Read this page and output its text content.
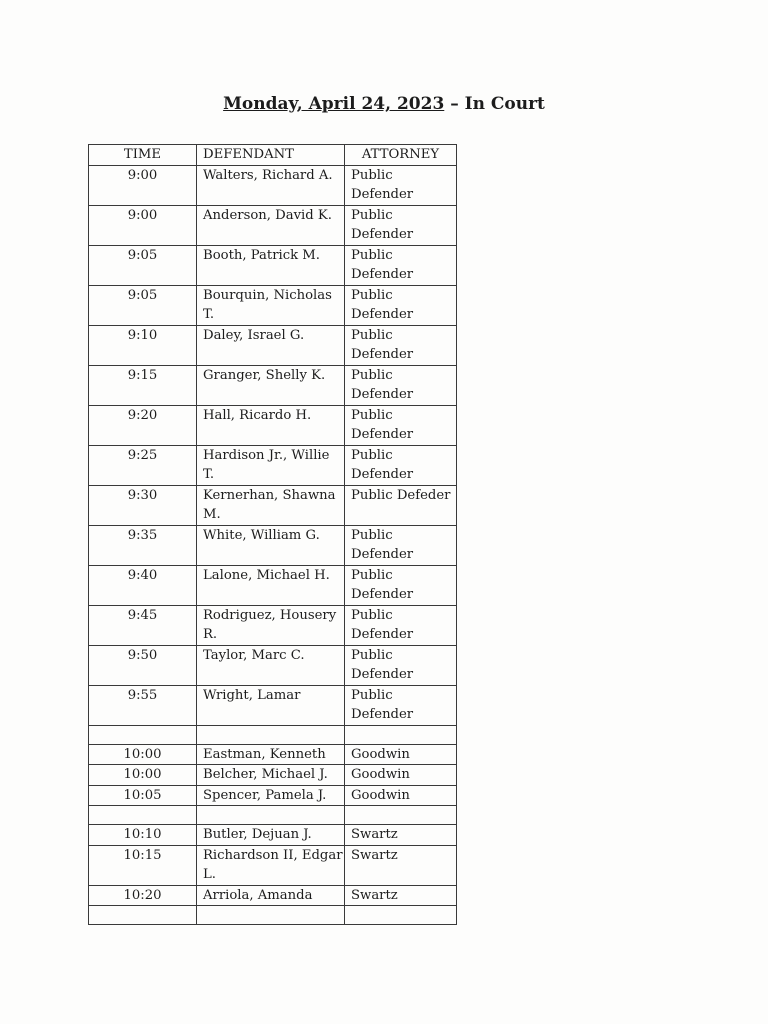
Monday, April 24, 2023 – In Court
TIME	DEFENDANT	ATTORNEY
9:00	Walters, Richard A.	Public Defender
9:00	Anderson, David K.	Public Defender
9:05	Booth, Patrick M.	Public Defender
9:05	Bourquin, Nicholas T.	Public Defender
9:10	Daley, Israel G.	Public Defender
9:15	Granger, Shelly K.	Public Defender
9:20	Hall, Ricardo H.	Public Defender
9:25	Hardison Jr., Willie T.	Public Defender
9:30	Kernerhan, Shawna M.	Public Defeder
9:35	White, William G.	Public Defender
9:40	Lalone, Michael H.	Public Defender
9:45	Rodriguez, Housery R.	Public Defender
9:50	Taylor, Marc C.	Public Defender
9:55	Wright, Lamar	Public Defender

10:00	Eastman, Kenneth	Goodwin
10:00	Belcher, Michael J.	Goodwin
10:05	Spencer, Pamela J.	Goodwin

10:10	Butler, Dejuan J.	Swartz
10:15	Richardson II, Edgar L.	Swartz
10:20	Arriola, Amanda	Swartz
